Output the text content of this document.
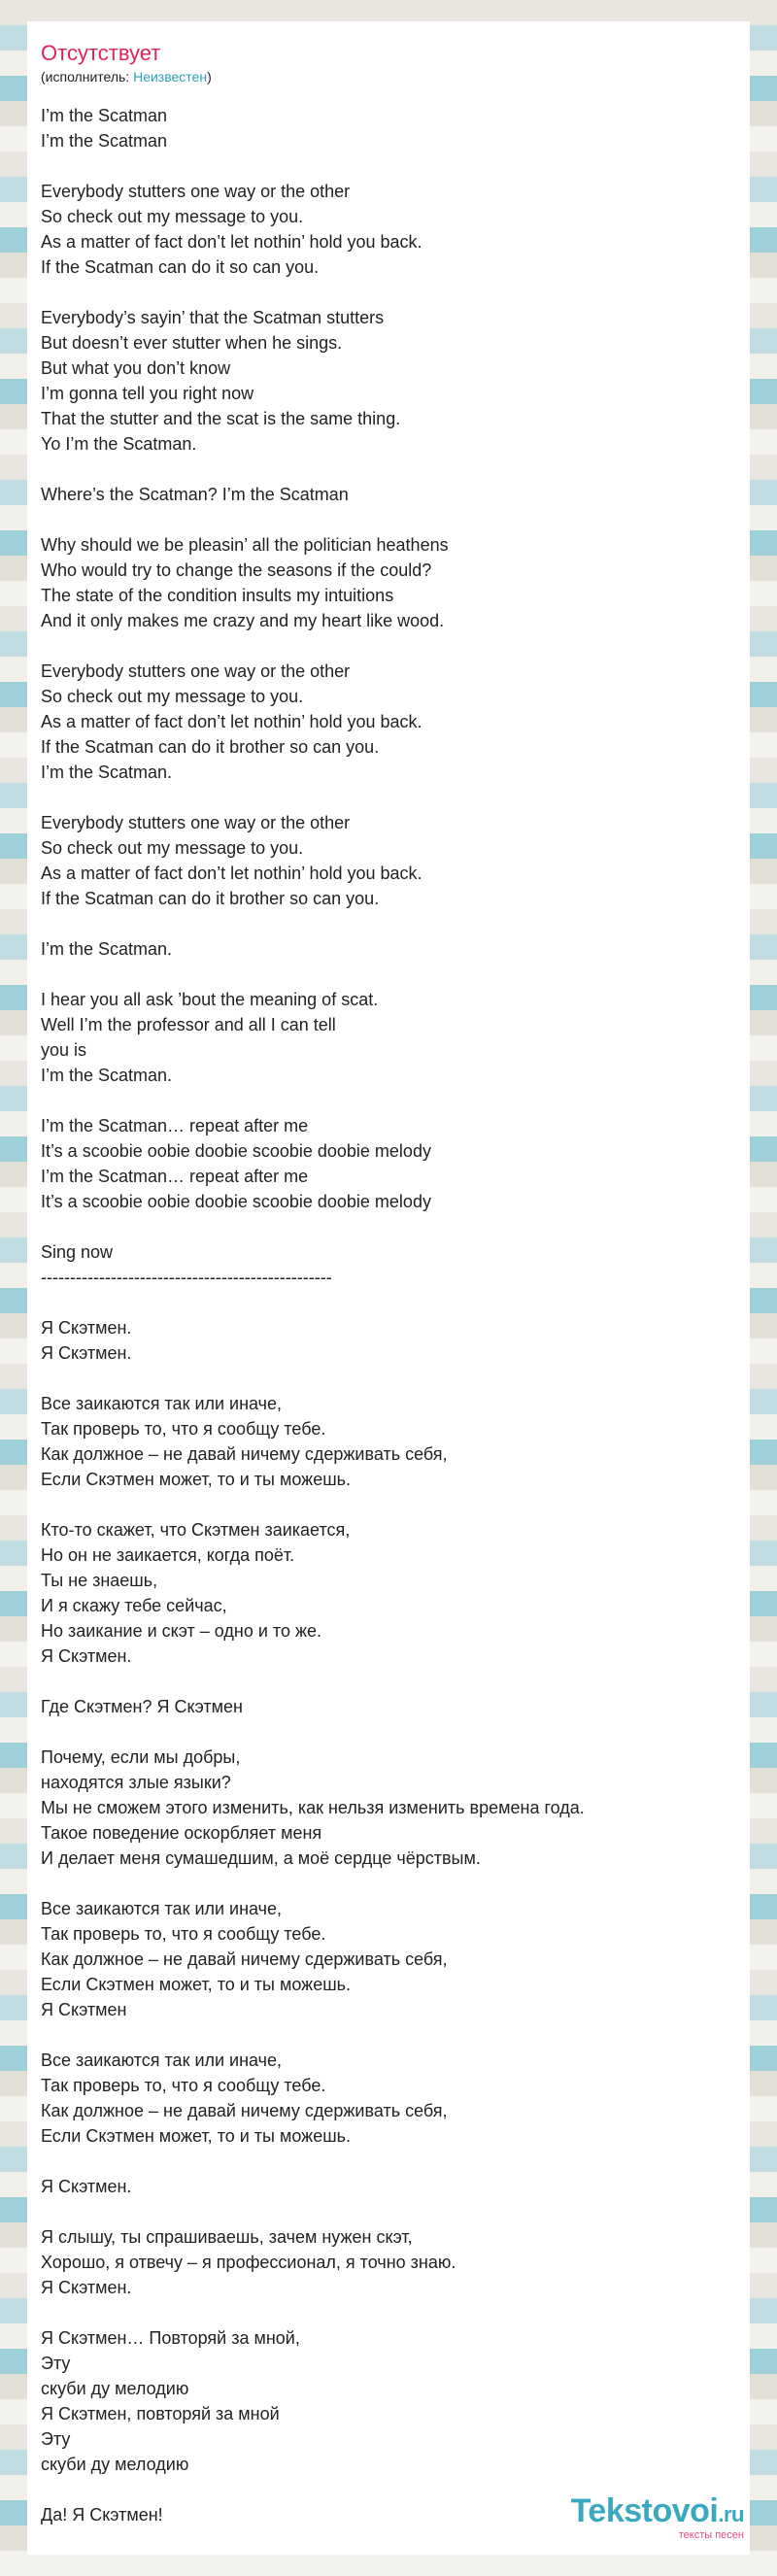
Отсутствует
(исполнитель: Неизвестен)
I’m the Scatman
I’m the Scatman
Everybody stutters one way or the other
So check out my message to you.
As a matter of fact don’t let nothin’ hold you back.
If the Scatman can do it so can you.
Everybody’s sayin’ that the Scatman stutters
But doesn’t ever stutter when he sings.
But what you don’t know
I’m gonna tell you right now
That the stutter and the scat is the same thing.
Yo I’m the Scatman.
Where’s the Scatman? I’m the Scatman
Why should we be pleasin’ all the politician heathens
Who would try to change the seasons if the could?
The state of the condition insults my intuitions
And it only makes me crazy and my heart like wood.
Everybody stutters one way or the other
So check out my message to you.
As a matter of fact don’t let nothin’ hold you back.
If the Scatman can do it brother so can you.
I’m the Scatman.
Everybody stutters one way or the other
So check out my message to you.
As a matter of fact don’t let nothin’ hold you back.
If the Scatman can do it brother so can you.
I’m the Scatman.
I hear you all ask ’bout the meaning of scat.
Well I’m the professor and all I can tell
you is
I’m the Scatman.
I’m the Scatman… repeat after me
It’s a scoobie oobie doobie scoobie doobie melody
I’m the Scatman… repeat after me
It’s a scoobie oobie doobie scoobie doobie melody
Sing now
--------------------------------------------------
Я Скэтмен.
Я Скэтмен.
Все заикаются так или иначе,
Так проверь то, что я сообщу тебе.
Как должное – не давай ничему сдерживать себя,
Если Скэтмен может, то и ты можешь.
Кто-то скажет, что Скэтмен заикается,
Но он не заикается, когда поёт.
Ты не знаешь,
И я скажу тебе сейчас,
Но заикание и скэт – одно и то же.
Я Скэтмен.
Где Скэтмен? Я Скэтмен
Почему, если мы добры,
находятся злые языки?
Мы не сможем этого изменить, как нельзя изменить времена года.
Такое поведение оскорбляет меня
И делает меня сумашедшим, а моё сердце чёрствым.
Все заикаются так или иначе,
Так проверь то, что я сообщу тебе.
Как должное – не давай ничему сдерживать себя,
Если Скэтмен может, то и ты можешь.
Я Скэтмен
Все заикаются так или иначе,
Так проверь то, что я сообщу тебе.
Как должное – не давай ничему сдерживать себя,
Если Скэтмен может, то и ты можешь.
Я Скэтмен.
Я слышу, ты спрашиваешь, зачем нужен скэт,
Хорошо, я отвечу – я профессионал, я точно знаю.
Я Скэтмен.
Я Скэтмен… Повторяй за мной,
Эту
скуби ду мелодию
Я Скэтмен, повторяй за мной
Эту
скуби ду мелодию
Да! Я Скэтмен!	Tekstovoi.ru
тексты песен
